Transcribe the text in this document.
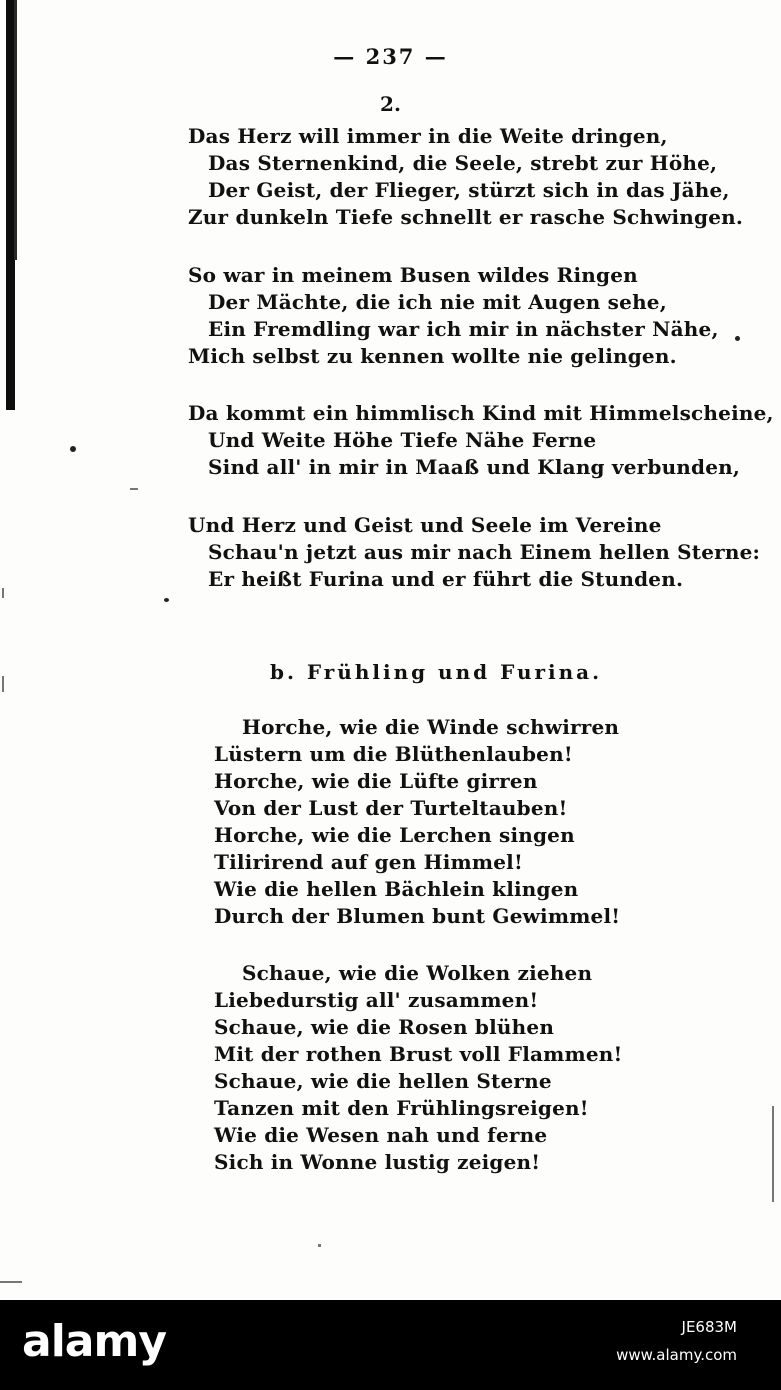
— 237 —
2.
Das Herz will immer in die Weite dringen,
Das Sternenkind, die Seele, strebt zur Höhe,
Der Geist, der Flieger, stürzt sich in das Jähe,
Zur dunkeln Tiefe schnellt er rasche Schwingen.
So war in meinem Busen wildes Ringen
Der Mächte, die ich nie mit Augen sehe,
Ein Fremdling war ich mir in nächster Nähe,
Mich selbst zu kennen wollte nie gelingen.
Da kommt ein himmlisch Kind mit Himmelscheine,
Und Weite Höhe Tiefe Nähe Ferne
Sind all' in mir in Maaß und Klang verbunden,
Und Herz und Geist und Seele im Vereine
Schau'n jetzt aus mir nach Einem hellen Sterne:
Er heißt Furina und er führt die Stunden.
b. Frühling und Furina.
Horche, wie die Winde schwirren
Lüstern um die Blüthenlauben!
Horche, wie die Lüfte girren
Von der Lust der Turteltauben!
Horche, wie die Lerchen singen
Tilirirend auf gen Himmel!
Wie die hellen Bächlein klingen
Durch der Blumen bunt Gewimmel!
Schaue, wie die Wolken ziehen
Liebedurstig all' zusammen!
Schaue, wie die Rosen blühen
Mit der rothen Brust voll Flammen!
Schaue, wie die hellen Sterne
Tanzen mit den Frühlingsreigen!
Wie die Wesen nah und ferne
Sich in Wonne lustig zeigen!
alamy	JE683M
www.alamy.com
